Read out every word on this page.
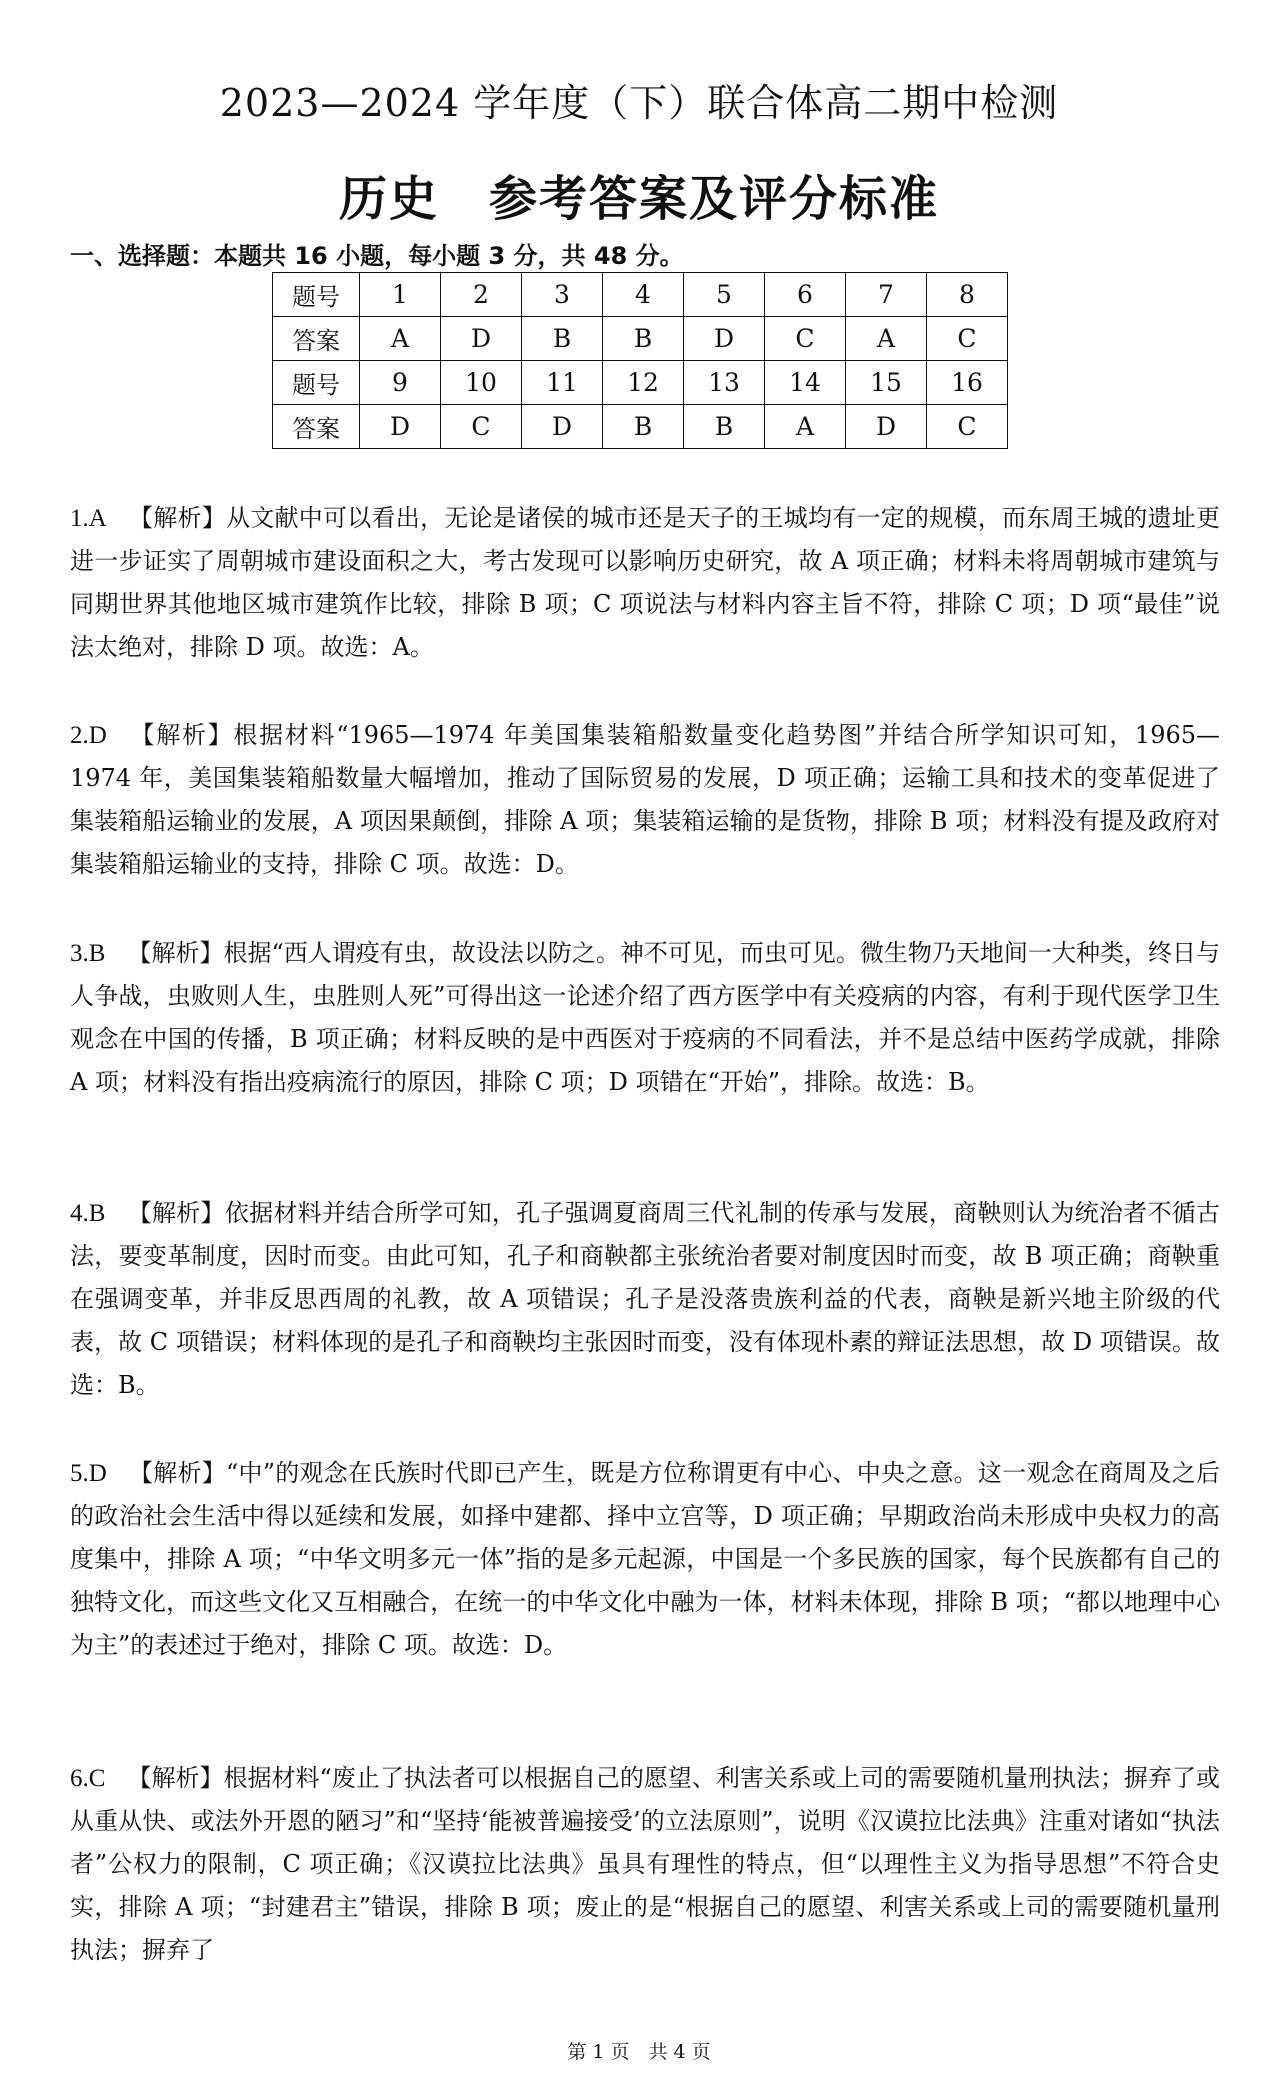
2023—2024 学年度（下）联合体高二期中检测
历史　参考答案及评分标准
一、选择题：本题共 16 小题，每小题 3 分，共 48 分。
题号	1	2	3	4	5	6	7	8
答案	A	D	B	B	D	C	A	C
题号	9	10	11	12	13	14	15	16
答案	D	C	D	B	B	A	D	C
1.A 【解析】从文献中可以看出，无论是诸侯的城市还是天子的王城均有一定的规模，而东周王城的遗址更进一步证实了周朝城市建设面积之大，考古发现可以影响历史研究，故 A 项正确；材料未将周朝城市建筑与同期世界其他地区城市建筑作比较，排除 B 项；C 项说法与材料内容主旨不符，排除 C 项；D 项“最佳”说法太绝对，排除 D 项。故选：A。
2.D 【解析】根据材料“1965—1974 年美国集装箱船数量变化趋势图”并结合所学知识可知，1965—1974 年，美国集装箱船数量大幅增加，推动了国际贸易的发展，D 项正确；运输工具和技术的变革促进了集装箱船运输业的发展，A 项因果颠倒，排除 A 项；集装箱运输的是货物，排除 B 项；材料没有提及政府对集装箱船运输业的支持，排除 C 项。故选：D。
3.B 【解析】根据“西人谓疫有虫，故设法以防之。神不可见，而虫可见。微生物乃天地间一大种类，终日与人争战，虫败则人生，虫胜则人死”可得出这一论述介绍了西方医学中有关疫病的内容，有利于现代医学卫生观念在中国的传播，B 项正确；材料反映的是中西医对于疫病的不同看法，并不是总结中医药学成就，排除 A 项；材料没有指出疫病流行的原因，排除 C 项；D 项错在“开始”，排除。故选：B。
4.B 【解析】依据材料并结合所学可知，孔子强调夏商周三代礼制的传承与发展，商鞅则认为统治者不循古法，要变革制度，因时而变。由此可知，孔子和商鞅都主张统治者要对制度因时而变，故 B 项正确；商鞅重在强调变革，并非反思西周的礼教，故 A 项错误；孔子是没落贵族利益的代表，商鞅是新兴地主阶级的代表，故 C 项错误；材料体现的是孔子和商鞅均主张因时而变，没有体现朴素的辩证法思想，故 D 项错误。故选：B。
5.D 【解析】“中”的观念在氏族时代即已产生，既是方位称谓更有中心、中央之意。这一观念在商周及之后的政治社会生活中得以延续和发展，如择中建都、择中立宫等，D 项正确；早期政治尚未形成中央权力的高度集中，排除 A 项；“中华文明多元一体”指的是多元起源，中国是一个多民族的国家，每个民族都有自己的独特文化，而这些文化又互相融合，在统一的中华文化中融为一体，材料未体现，排除 B 项；“都以地理中心为主”的表述过于绝对，排除 C 项。故选：D。
6.C 【解析】根据材料“废止了执法者可以根据自己的愿望、利害关系或上司的需要随机量刑执法；摒弃了或从重从快、或法外开恩的陋习”和“坚持‘能被普遍接受’的立法原则”，说明《汉谟拉比法典》注重对诸如“执法者”公权力的限制，C 项正确；《汉谟拉比法典》虽具有理性的特点，但“以理性主义为指导思想”不符合史实，排除 A 项；“封建君主”错误，排除 B 项；废止的是“根据自己的愿望、利害关系或上司的需要随机量刑执法；摒弃了
第 1 页　共 4 页
